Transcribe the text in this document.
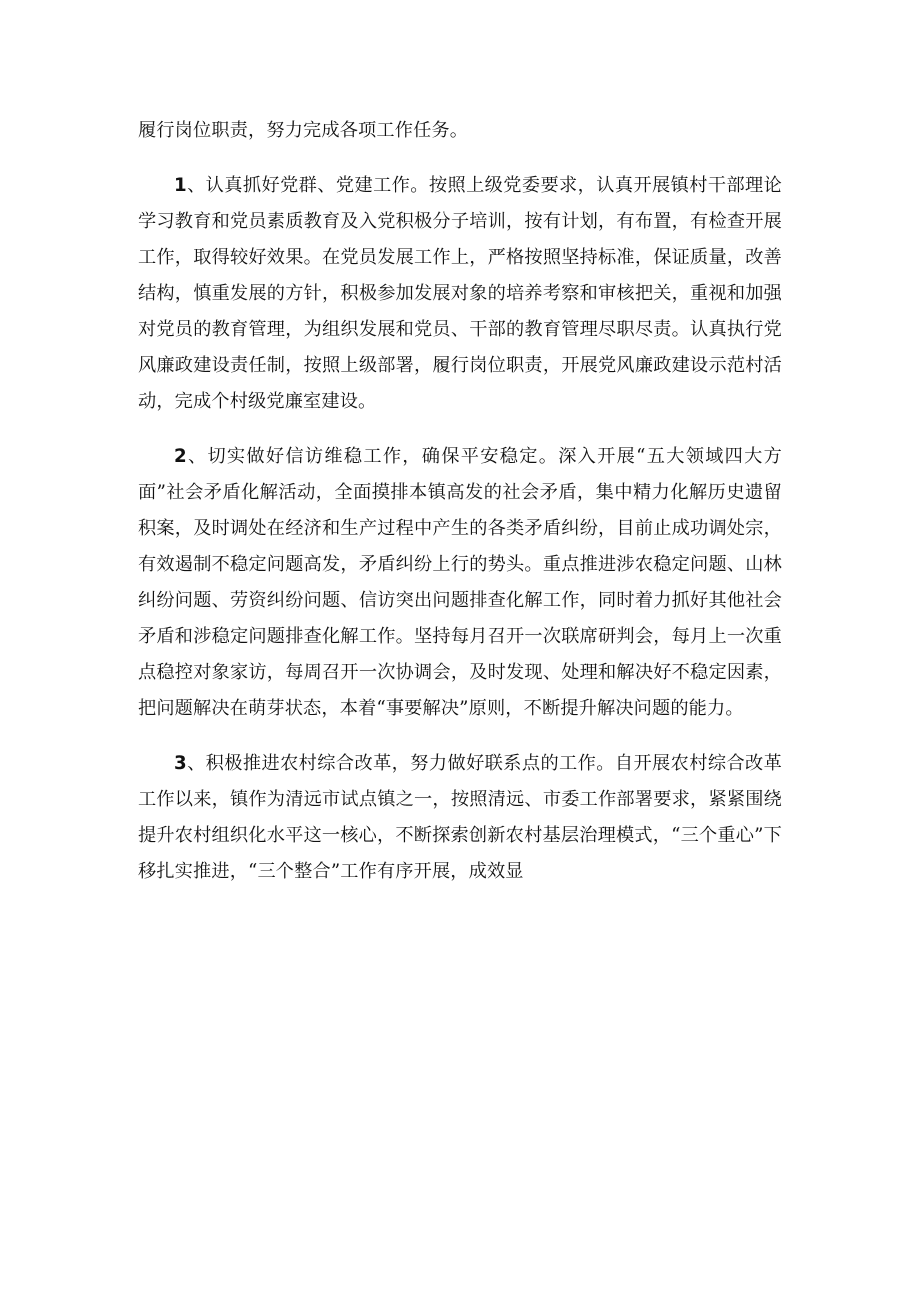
履行岗位职责，努力完成各项工作任务。

1、认真抓好党群、党建工作。按照上级党委要求，认真开展镇村干部理论学习教育和党员素质教育及入党积极分子培训，按有计划，有布置，有检查开展工作，取得较好效果。在党员发展工作上，严格按照坚持标准，保证质量，改善结构，慎重发展的方针，积极参加发展对象的培养考察和审核把关，重视和加强对党员的教育管理，为组织发展和党员、干部的教育管理尽职尽责。认真执行党风廉政建设责任制，按照上级部署，履行岗位职责，开展党风廉政建设示范村活动，完成个村级党廉室建设。

2、切实做好信访维稳工作，确保平安稳定。深入开展“五大领域四大方面”社会矛盾化解活动，全面摸排本镇高发的社会矛盾，集中精力化解历史遗留积案，及时调处在经济和生产过程中产生的各类矛盾纠纷，目前止成功调处宗，有效遏制不稳定问题高发，矛盾纠纷上行的势头。重点推进涉农稳定问题、山林纠纷问题、劳资纠纷问题、信访突出问题排查化解工作，同时着力抓好其他社会矛盾和涉稳定问题排查化解工作。坚持每月召开一次联席研判会，每月上一次重点稳控对象家访，每周召开一次协调会，及时发现、处理和解决好不稳定因素，把问题解决在萌芽状态，本着“事要解决”原则，不断提升解决问题的能力。

3、积极推进农村综合改革，努力做好联系点的工作。自开展农村综合改革工作以来，镇作为清远市试点镇之一，按照清远、市委工作部署要求，紧紧围绕提升农村组织化水平这一核心，不断探索创新农村基层治理模式，“三个重心”下移扎实推进，“三个整合”工作有序开展，成效显
